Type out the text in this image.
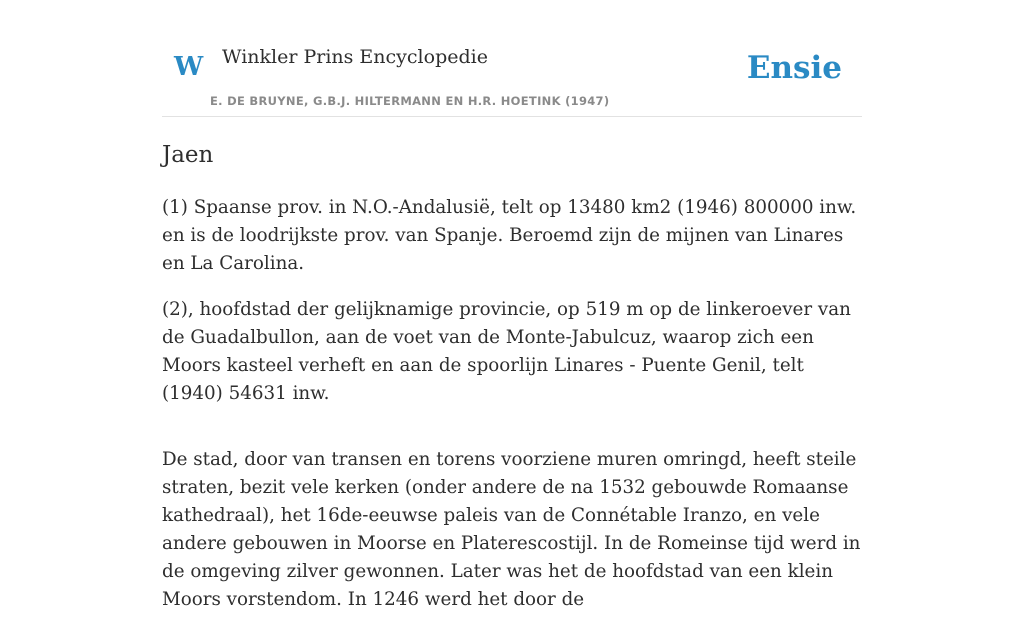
W Winkler Prins Encyclopedie
E. DE BRUYNE, G.B.J. HILTERMANN EN H.R. HOETINK (1947)
Ensie
Jaen

(1) Spaanse prov. in N.O.-Andalusië, telt op 13480 km2 (1946) 800000 inw. en is de loodrijkste prov. van Spanje. Beroemd zijn de mijnen van Linares en La Carolina.

(2), hoofdstad der gelijknamige provincie, op 519 m op de linkeroever van de Guadalbullon, aan de voet van de Monte-Jabulcuz, waarop zich een Moors kasteel verheft en aan de spoorlijn Linares - Puente Genil, telt (1940) 54631 inw.

De stad, door van transen en torens voorziene muren omringd, heeft steile straten, bezit vele kerken (onder andere de na 1532 gebouwde Romaanse kathedraal), het 16de-eeuwse paleis van de Connétable Iranzo, en vele andere gebouwen in Moorse en Platerescostijl. In de Romeinse tijd werd in de omgeving zilver gewonnen. Later was het de hoofdstad van een klein Moors vorstendom. In 1246 werd het door de
